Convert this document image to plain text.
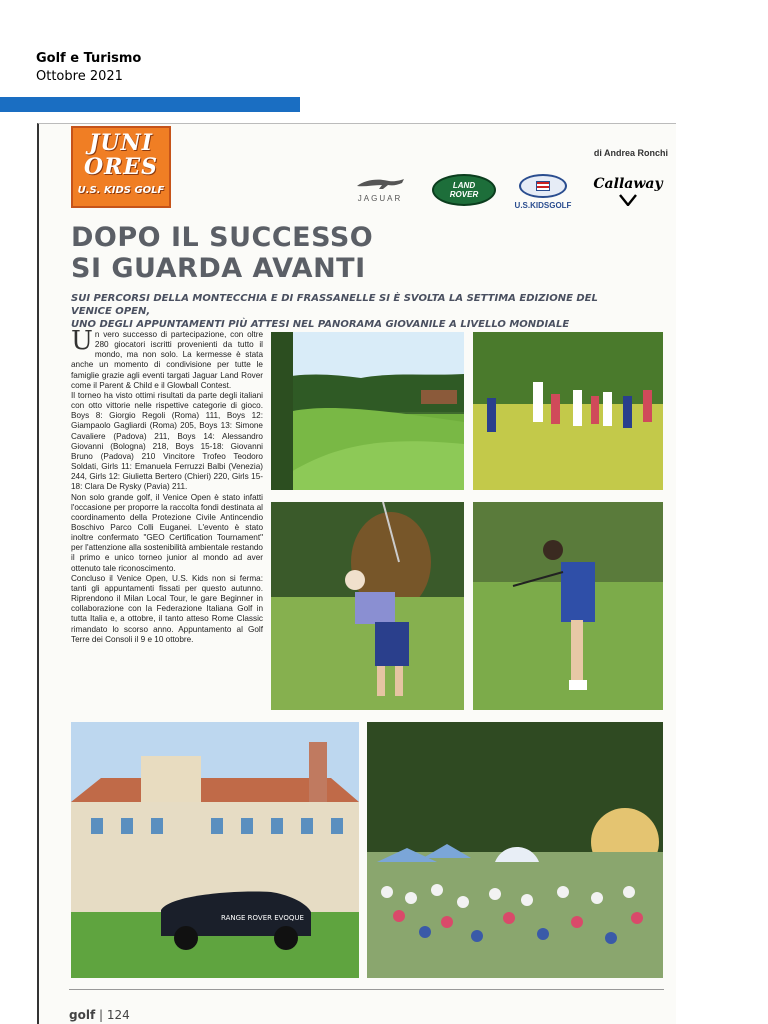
Golf e Turismo
Ottobre 2021
JUNI
ORES
U.S. KIDS GOLF
di Andrea Ronchi
JAGUAR
LAND
ROVER
U.S.KIDSGOLF
Callaway
DOPO IL SUCCESSO
SI GUARDA AVANTI
SUI PERCORSI DELLA MONTECCHIA E DI FRASSANELLE SI È SVOLTA LA SETTIMA EDIZIONE DEL VENICE OPEN,
UNO DEGLI APPUNTAMENTI PIÙ ATTESI NEL PANORAMA GIOVANILE A LIVELLO MONDIALE

Un vero successo di partecipazione, con oltre 280 giocatori iscritti provenienti da tutto il mondo, ma non solo. La kermesse è stata anche un momento di condivisione per tutte le famiglie grazie agli eventi targati Jaguar Land Rover come il Parent & Child e il Glowball Contest.

Il torneo ha visto ottimi risultati da parte degli italiani con otto vittorie nelle rispettive categorie di gioco. Boys 8: Giorgio Regoli (Roma) 111, Boys 12: Giampaolo Gagliardi (Roma) 205, Boys 13: Simone Cavaliere (Padova) 211, Boys 14: Alessandro Giovanni (Bologna) 218, Boys 15-18: Giovanni Bruno (Padova) 210 Vincitore Trofeo Teodoro Soldati, Girls 11: Emanuela Ferruzzi Balbi (Venezia) 244, Girls 12: Giulietta Bertero (Chieri) 220, Girls 15-18: Clara De Rysky (Pavia) 211.

Non solo grande golf, il Venice Open è stato infatti l'occasione per proporre la raccolta fondi destinata al coordinamento della Protezione Civile Antincendio Boschivo Parco Colli Euganei. L'evento è stato inoltre confermato "GEO Certification Tournament" per l'attenzione alla sostenibilità ambientale restando il primo e unico torneo junior al mondo ad aver ottenuto tale riconoscimento.

Concluso il Venice Open, U.S. Kids non si ferma: tanti gli appuntamenti fissati per questo autunno. Riprendono il Milan Local Tour, le gare Beginner in collaborazione con la Federazione Italiana Golf in tutta Italia e, a ottobre, il tanto atteso Rome Classic rimandato lo scorso anno. Appuntamento al Golf Terre dei Consoli il 9 e 10 ottobre.

RANGE ROVER EVOQUE
golf | 124
